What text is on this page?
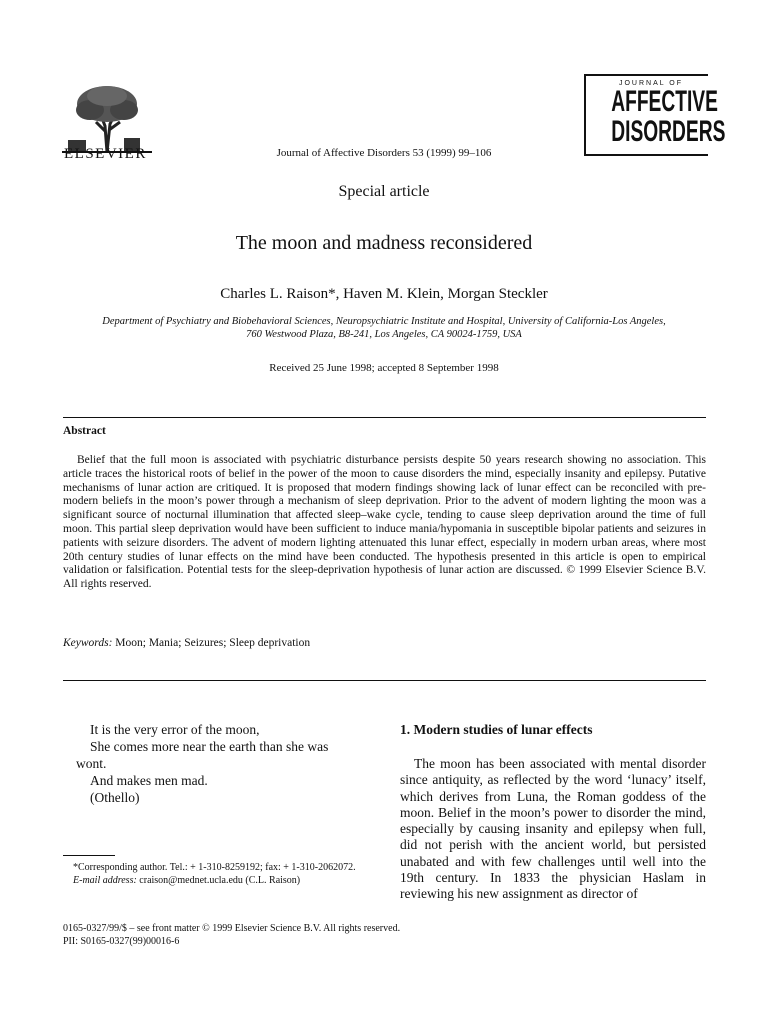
ELSEVIER	Journal of Affective Disorders 53 (1999) 99–106
JOURNAL OF
AFFECTIVE
DISORDERS
Special article
The moon and madness reconsidered
Charles L. Raison*, Haven M. Klein, Morgan Steckler
Department of Psychiatry and Biobehavioral Sciences, Neuropsychiatric Institute and Hospital, University of California-Los Angeles,
760 Westwood Plaza, B8-241, Los Angeles, CA 90024-1759, USA
Received 25 June 1998; accepted 8 September 1998
Abstract
Belief that the full moon is associated with psychiatric disturbance persists despite 50 years research showing no association. This article traces the historical roots of belief in the power of the moon to cause disorders the mind, especially insanity and epilepsy. Putative mechanisms of lunar action are critiqued. It is proposed that modern findings showing lack of lunar effect can be reconciled with pre-modern beliefs in the moon’s power through a mechanism of sleep deprivation. Prior to the advent of modern lighting the moon was a significant source of nocturnal illumination that affected sleep–wake cycle, tending to cause sleep deprivation around the time of full moon. This partial sleep deprivation would have been sufficient to induce mania/hypomania in susceptible bipolar patients and seizures in patients with seizure disorders. The advent of modern lighting attenuated this lunar effect, especially in modern urban areas, where most 20th century studies of lunar effects on the mind have been conducted. The hypothesis presented in this article is open to empirical validation or falsification. Potential tests for the sleep-deprivation hypothesis of lunar action are discussed. © 1999 Elsevier Science B.V. All rights reserved.
Keywords: Moon; Mania; Seizures; Sleep deprivation
It is the very error of the moon,
She comes more near the earth than she was
wont.
And makes men mad.
(Othello)
*Corresponding author. Tel.: + 1-310-8259192; fax: + 1-310-2062072.
E-mail address: craison@mednet.ucla.edu (C.L. Raison)
1. Modern studies of lunar effects
The moon has been associated with mental disorder since antiquity, as reflected by the word ‘lunacy’ itself, which derives from Luna, the Roman goddess of the moon. Belief in the moon’s power to disorder the mind, especially by causing insanity and epilepsy when full, did not perish with the ancient world, but persisted unabated and with few challenges until well into the 19th century. In 1833 the physician Haslam in reviewing his new assignment as director of
0165-0327/99/$ – see front matter © 1999 Elsevier Science B.V. All rights reserved.
PII: S0165-0327(99)00016-6
